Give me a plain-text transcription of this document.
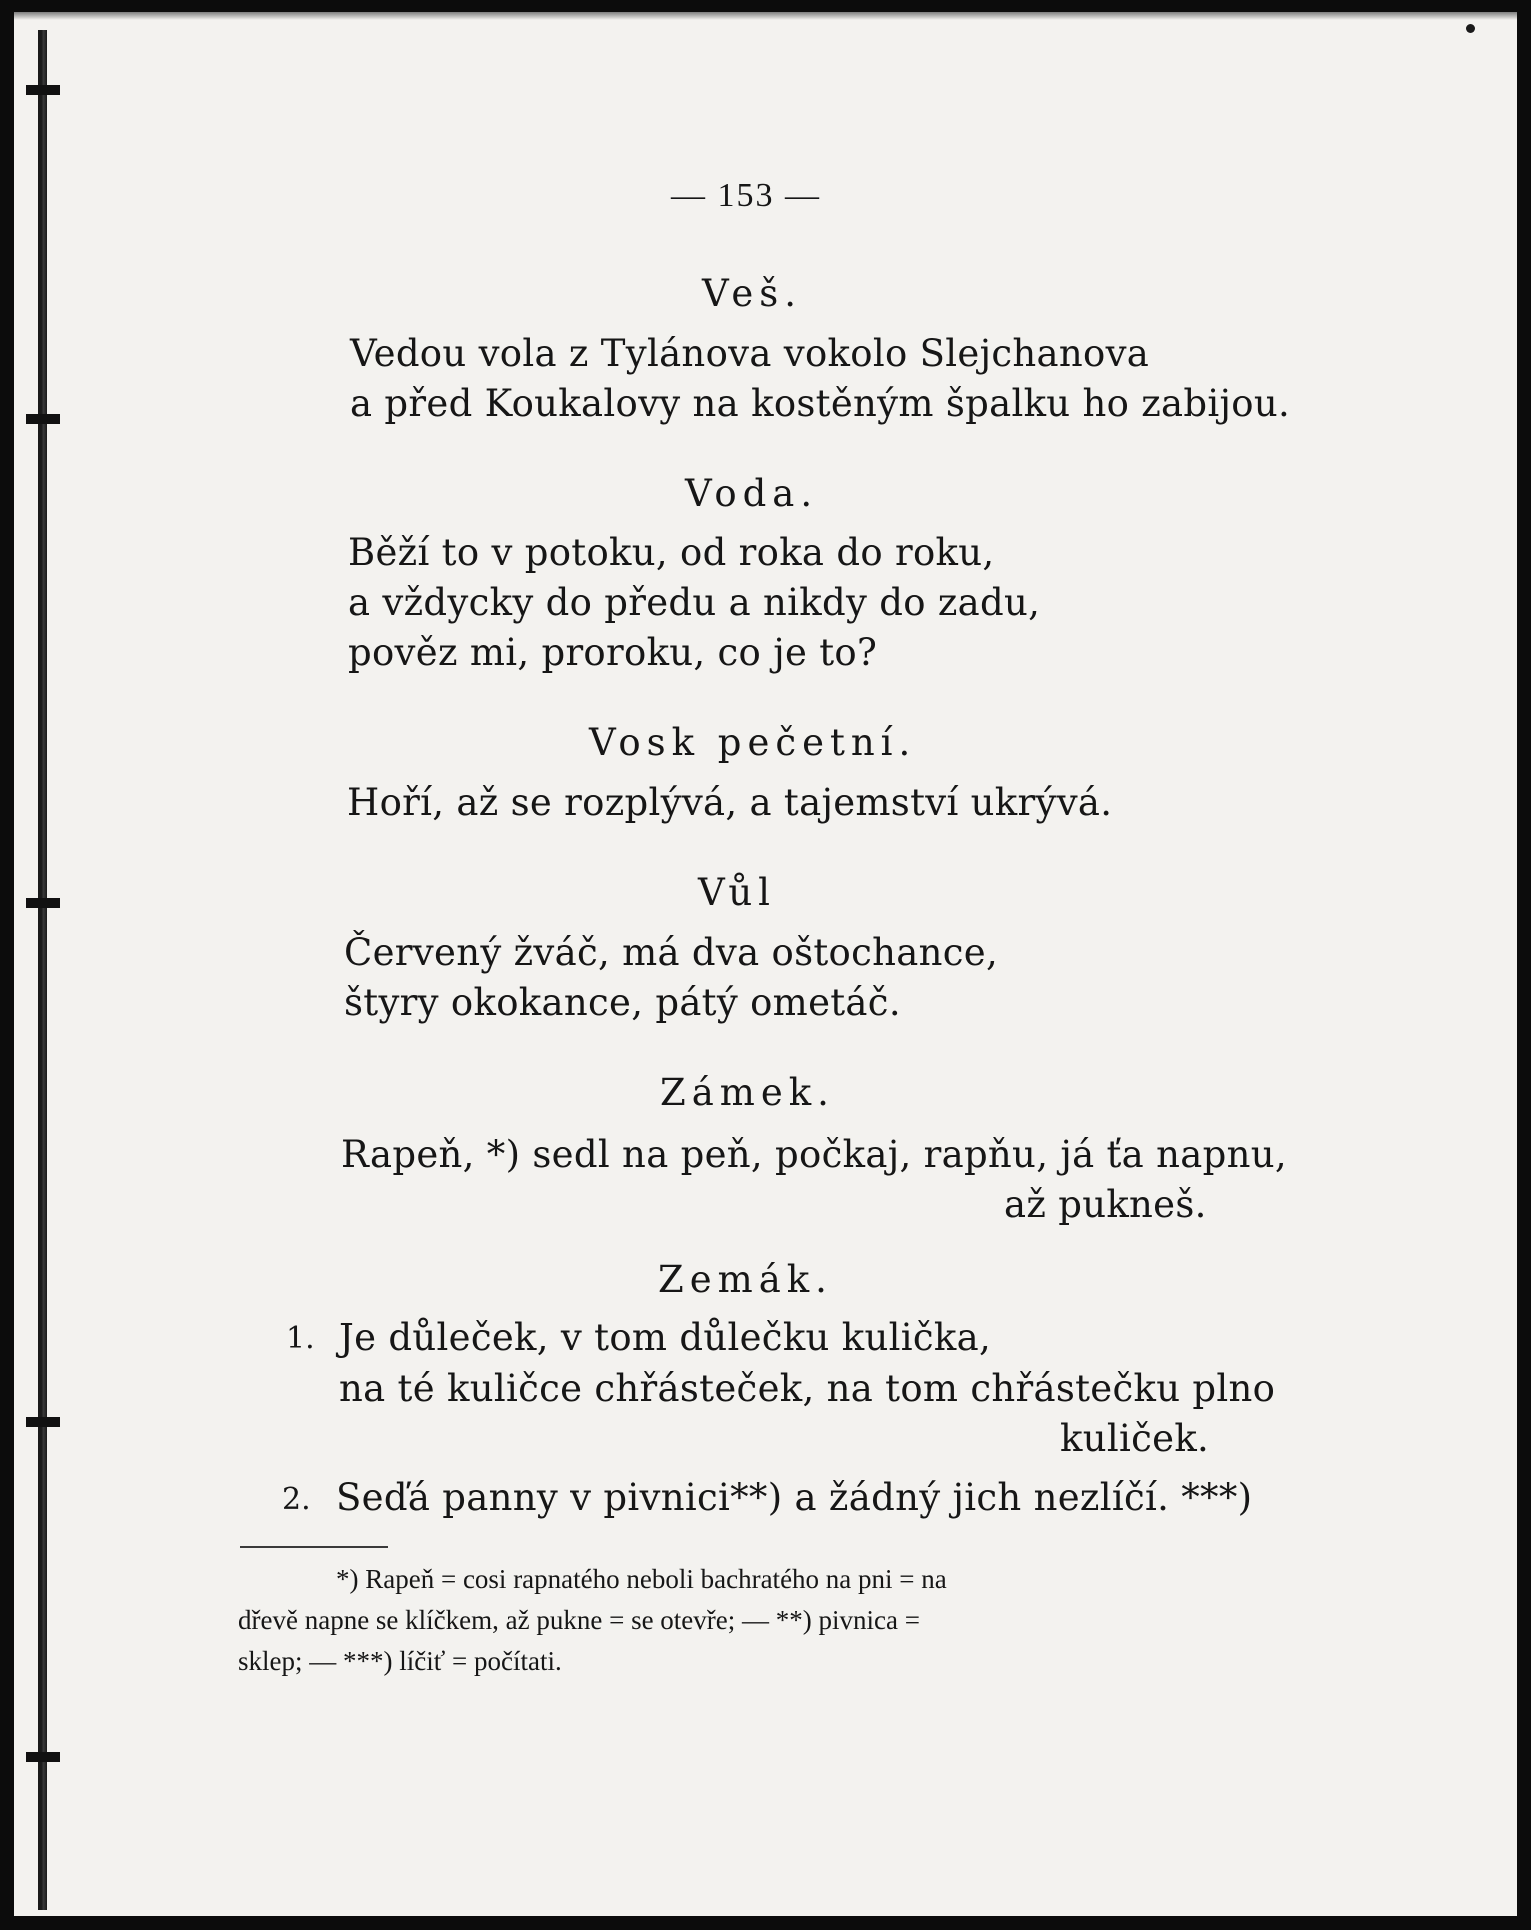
— 153 —
Veš.
Vedou vola z Tylánova vokolo Slejchanova
a před Koukalovy na kostěným špalku ho zabijou.
Voda.
Běží to v potoku, od roka do roku,
a vždycky do předu a nikdy do zadu,
pověz mi, proroku, co je to?
Vosk pečetní.
Hoří, až se rozplývá, a tajemství ukrývá.
Vůl
Červený žváč, má dva oštochance,
štyry okokance, pátý ometáč.
Zámek.
Rapeň, *) sedl na peň, počkaj, rapňu, já ťa napnu,
až pukneš.
Zemák.
1. Je důleček, v tom důlečku kulička,
na té kuličce chřásteček, na tom chřástečku plno
kuliček.
2. Seďá panny v pivnici**) a žádný jich nezlíčí. ***)
*) Rapeň = cosi rapnatého neboli bachratého na pni = na
dřevě napne se klíčkem, až pukne = se otevře; — **) pivnica =
sklep; — ***) líčiť = počítati.
